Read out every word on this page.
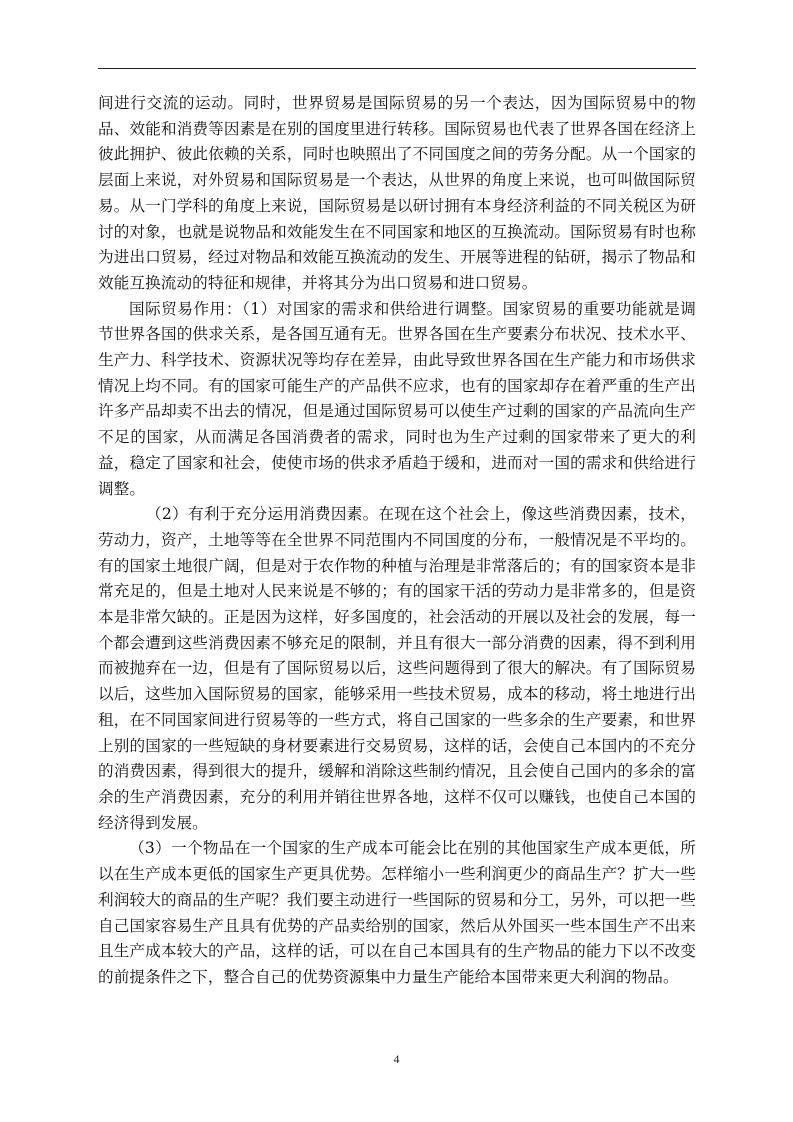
间进行交流的运动。同时，世界贸易是国际贸易的另一个表达，因为国际贸易中的物品、效能和消费等因素是在别的国度里进行转移。国际贸易也代表了世界各国在经济上彼此拥护、彼此依赖的关系，同时也映照出了不同国度之间的劳务分配。从一个国家的层面上来说，对外贸易和国际贸易是一个表达，从世界的角度上来说，也可叫做国际贸易。从一门学科的角度上来说，国际贸易是以研讨拥有本身经济利益的不同关税区为研讨的对象，也就是说物品和效能发生在不同国家和地区的互换流动。国际贸易有时也称为进出口贸易，经过对物品和效能互换流动的发生、开展等进程的钻研，揭示了物品和效能互换流动的特征和规律，并将其分为出口贸易和进口贸易。

国际贸易作用：（1）对国家的需求和供给进行调整。国家贸易的重要功能就是调节世界各国的供求关系，是各国互通有无。世界各国在生产要素分布状况、技术水平、生产力、科学技术、资源状况等均存在差异，由此导致世界各国在生产能力和市场供求情况上均不同。有的国家可能生产的产品供不应求，也有的国家却存在着严重的生产出许多产品却卖不出去的情况，但是通过国际贸易可以使生产过剩的国家的产品流向生产不足的国家，从而满足各国消费者的需求，同时也为生产过剩的国家带来了更大的利益，稳定了国家和社会，使使市场的供求矛盾趋于缓和，进而对一国的需求和供给进行调整。

（2）有利于充分运用消费因素。在现在这个社会上，像这些消费因素，技术，劳动力，资产，土地等等在全世界不同范围内不同国度的分布，一般情况是不平均的。有的国家土地很广阔，但是对于农作物的种植与治理是非常落后的；有的国家资本是非常充足的，但是土地对人民来说是不够的；有的国家干活的劳动力是非常多的，但是资本是非常欠缺的。正是因为这样，好多国度的，社会活动的开展以及社会的发展，每一个都会遭到这些消费因素不够充足的限制，并且有很大一部分消费的因素，得不到利用而被抛弃在一边，但是有了国际贸易以后，这些问题得到了很大的解决。有了国际贸易以后，这些加入国际贸易的国家，能够采用一些技术贸易，成本的移动，将土地进行出租，在不同国家间进行贸易等的一些方式，将自己国家的一些多余的生产要素，和世界上别的国家的一些短缺的身材要素进行交易贸易，这样的话，会使自己本国内的不充分的消费因素，得到很大的提升，缓解和消除这些制约情况，且会使自己国内的多余的富余的生产消费因素，充分的利用并销往世界各地，这样不仅可以赚钱，也使自己本国的经济得到发展。

（3）一个物品在一个国家的生产成本可能会比在别的其他国家生产成本更低，所以在生产成本更低的国家生产更具优势。怎样缩小一些利润更少的商品生产？扩大一些利润较大的商品的生产呢？我们要主动进行一些国际的贸易和分工，另外，可以把一些自己国家容易生产且具有优势的产品卖给别的国家，然后从外国买一些本国生产不出来且生产成本较大的产品，这样的话，可以在自己本国具有的生产物品的能力下以不改变的前提条件之下，整合自己的优势资源集中力量生产能给本国带来更大利润的物品。

4
